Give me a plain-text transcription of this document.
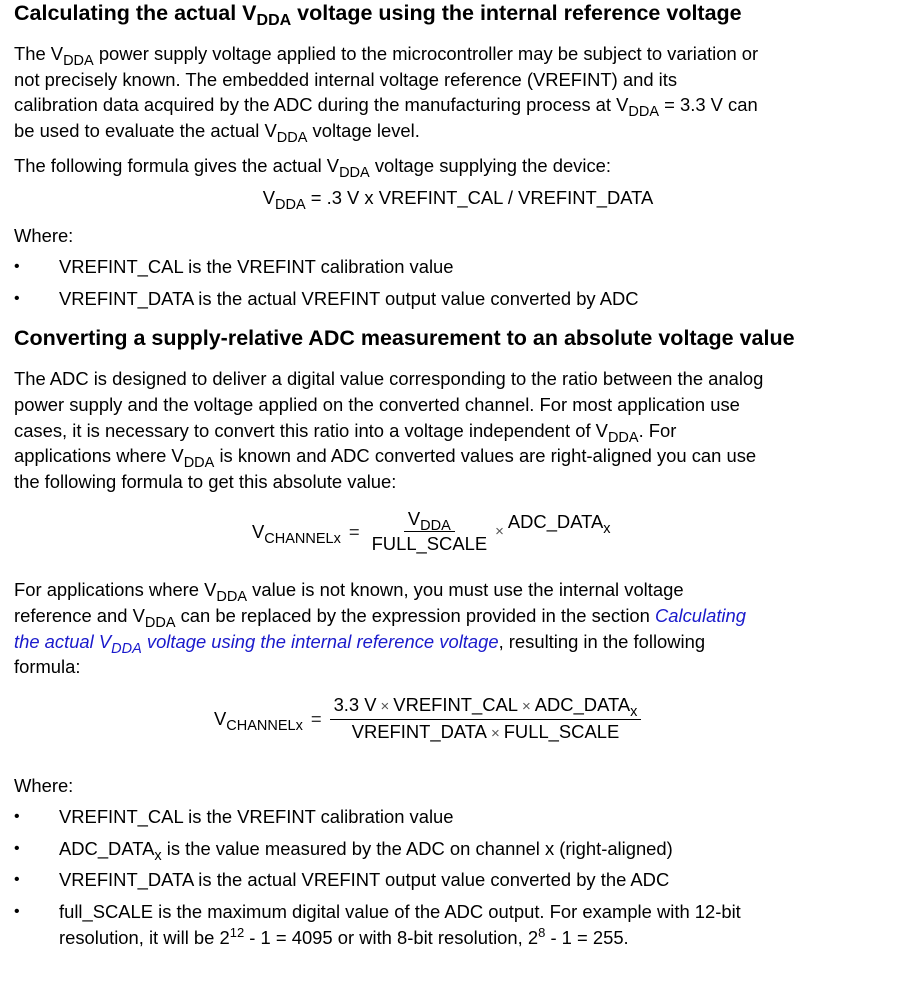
Calculating the actual $V_{DDA}$ voltage using the internal reference voltage

The $V_{DDA}$ power supply voltage applied to the microcontroller may be subject to variation or
not precisely known. The embedded internal voltage reference (VREFINT) and its
calibration data acquired by the ADC during the manufacturing process at $V_{DDA} = 3.3$ V can
be used to evaluate the actual $V_{DDA}$ voltage level.

The following formula gives the actual $V_{DDA}$ voltage supplying the device:

$V_{DDA} = .3$ V x VREFINT_CAL / VREFINT_DATA

Where:

• VREFINT_CAL is the VREFINT calibration value
• VREFINT_DATA is the actual VREFINT output value converted by ADC
Converting a supply-relative ADC measurement to an absolute voltage value

The ADC is designed to deliver a digital value corresponding to the ratio between the analog
power supply and the voltage applied on the converted channel. For most application use
cases, it is necessary to convert this ratio into a voltage independent of $V_{DDA}$. For
applications where $V_{DDA}$ is known and ADC converted values are right-aligned you can use
the following formula to get this absolute value:

$V_{CHANNELx} = \frac{V_{DDA}}{\text{FULL\_SCALE}}$ × $ADC\_DATA_x$

For applications where $V_{DDA}$ value is not known, you must use the internal voltage
reference and $V_{DDA}$ can be replaced by the expression provided in the section Calculating
the actual $V_{DDA}$ voltage using the internal reference voltage, resulting in the following
formula:

$V_{CHANNELx} = \frac{3.3 V \times VREFINT\_CAL \times ADC\_DATA_x}{\text{VREFINT\_DATA × FULL\_SCALE}}$

Where:

• VREFINT_CAL is the VREFINT calibration value
• $ADC\_DATA_x$ is the value measured by the ADC on channel x (right-aligned)
• VREFINT_DATA is the actual VREFINT output value converted by the ADC
• full_SCALE is the maximum digital value of the ADC output. For example with 12-bit
resolution, it will be $2^{12} - 1 = 4095$ or with 8-bit resolution, $2^8 - 1 = 255$.
